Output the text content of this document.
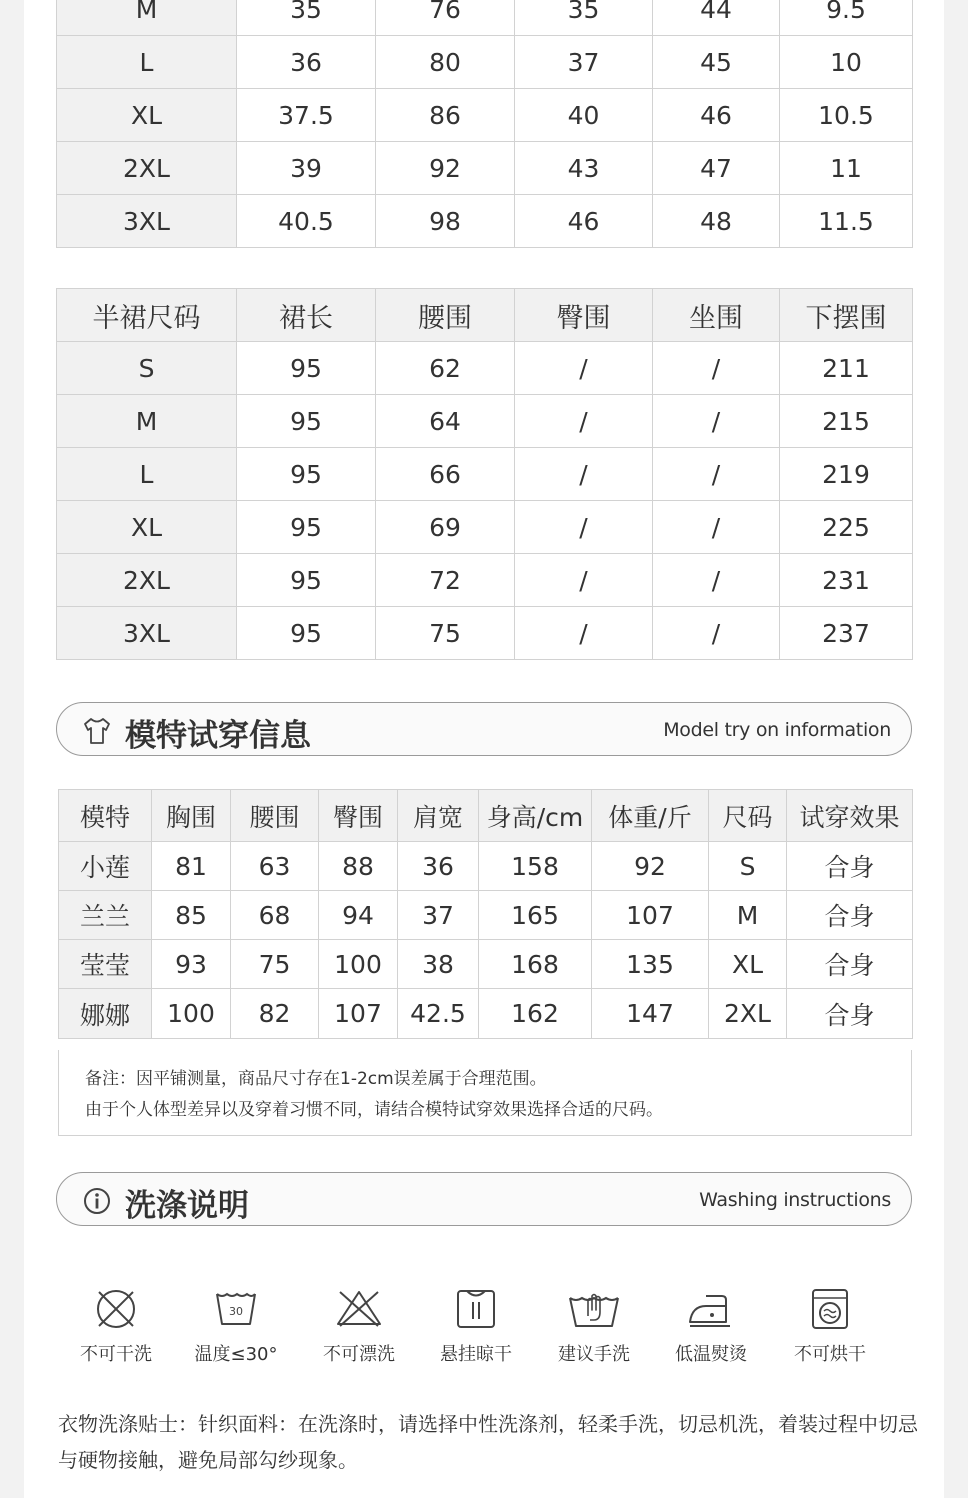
M	35	76	35	44	9.5
L	36	80	37	45	10
XL	37.5	86	40	46	10.5
2XL	39	92	43	47	11
3XL	40.5	98	46	48	11.5
半裙尺码	裙长	腰围	臀围	坐围	下摆围
S	95	62	/	/	211
M	95	64	/	/	215
L	95	66	/	/	219
XL	95	69	/	/	225
2XL	95	72	/	/	231
3XL	95	75	/	/	237
模特试穿信息	Model try on information
模特	胸围	腰围	臀围	肩宽	身高/cm	体重/斤	尺码	试穿效果
小莲	81	63	88	36	158	92	S	合身
兰兰	85	68	94	37	165	107	M	合身
莹莹	93	75	100	38	168	135	XL	合身
娜娜	100	82	107	42.5	162	147	2XL	合身
备注：因平铺测量，商品尺寸存在1-2cm误差属于合理范围。
由于个人体型差异以及穿着习惯不同，请结合模特试穿效果选择合适的尺码。
洗涤说明	Washing instructions
不可干洗
30
温度≤30°	不可漂洗	悬挂晾干	建议手洗	低温熨烫	不可烘干
衣物洗涤贴士：针织面料：在洗涤时，请选择中性洗涤剂，轻柔手洗，切忌机洗，着装过程中切忌与硬物接触，避免局部勾纱现象。
